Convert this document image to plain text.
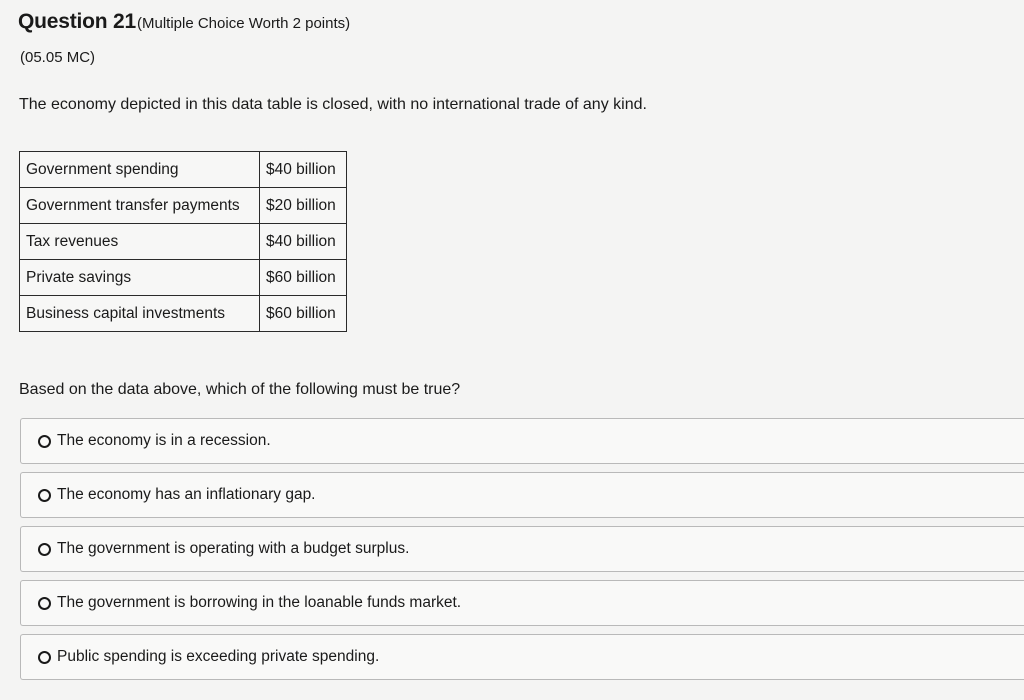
Question 21(Multiple Choice Worth 2 points)
(05.05 MC)
The economy depicted in this data table is closed, with no international trade of any kind.
Government spending	$40 billion
Government transfer payments	$20 billion
Tax revenues	$40 billion
Private savings	$60 billion
Business capital investments	$60 billion
Based on the data above, which of the following must be true?
The economy is in a recession.
The economy has an inflationary gap.
The government is operating with a budget surplus.
The government is borrowing in the loanable funds market.
Public spending is exceeding private spending.
